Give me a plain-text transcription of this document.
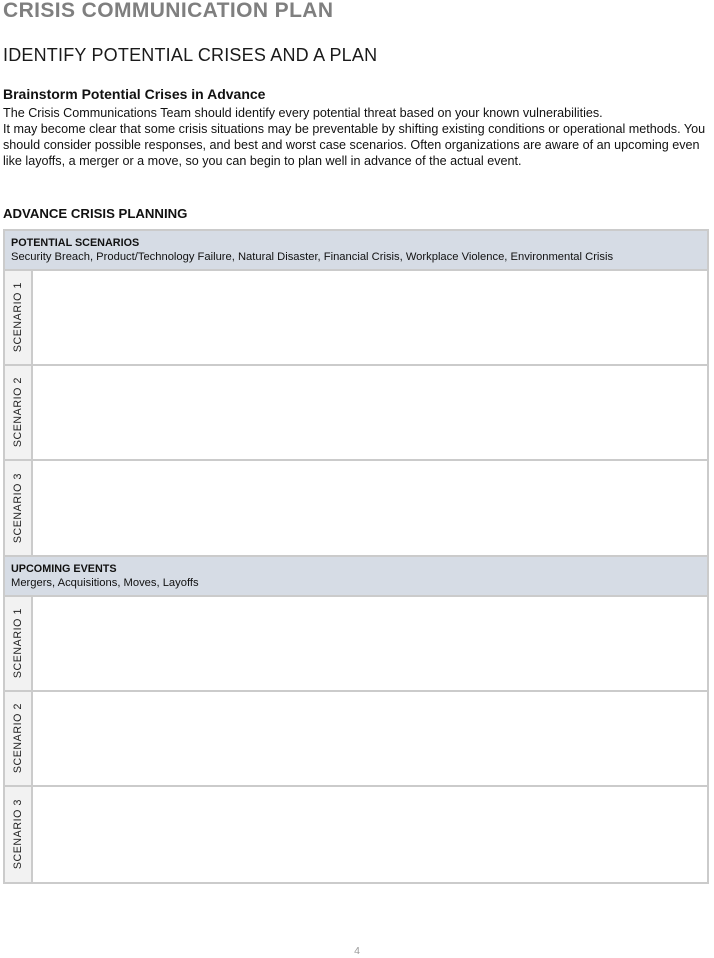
CRISIS COMMUNICATION PLAN
IDENTIFY POTENTIAL CRISES AND A PLAN
Brainstorm Potential Crises in Advance

The Crisis Communications Team should identify every potential threat based on your known vulnerabilities.

It may become clear that some crisis situations may be preventable by shifting existing conditions or operational methods. You should consider possible responses, and best and worst case scenarios. Often organizations are aware of an upcoming even like layoffs, a merger or a move, so you can begin to plan well in advance of the actual event.

ADVANCE CRISIS PLANNING
POTENTIAL SCENARIOS
Security Breach, Product/Technology Failure, Natural Disaster, Financial Crisis, Workplace Violence, Environmental Crisis
SCENARIO 1
SCENARIO 2
SCENARIO 3
UPCOMING EVENTS
Mergers, Acquisitions, Moves, Layoffs
SCENARIO 1
SCENARIO 2
SCENARIO 3
4
